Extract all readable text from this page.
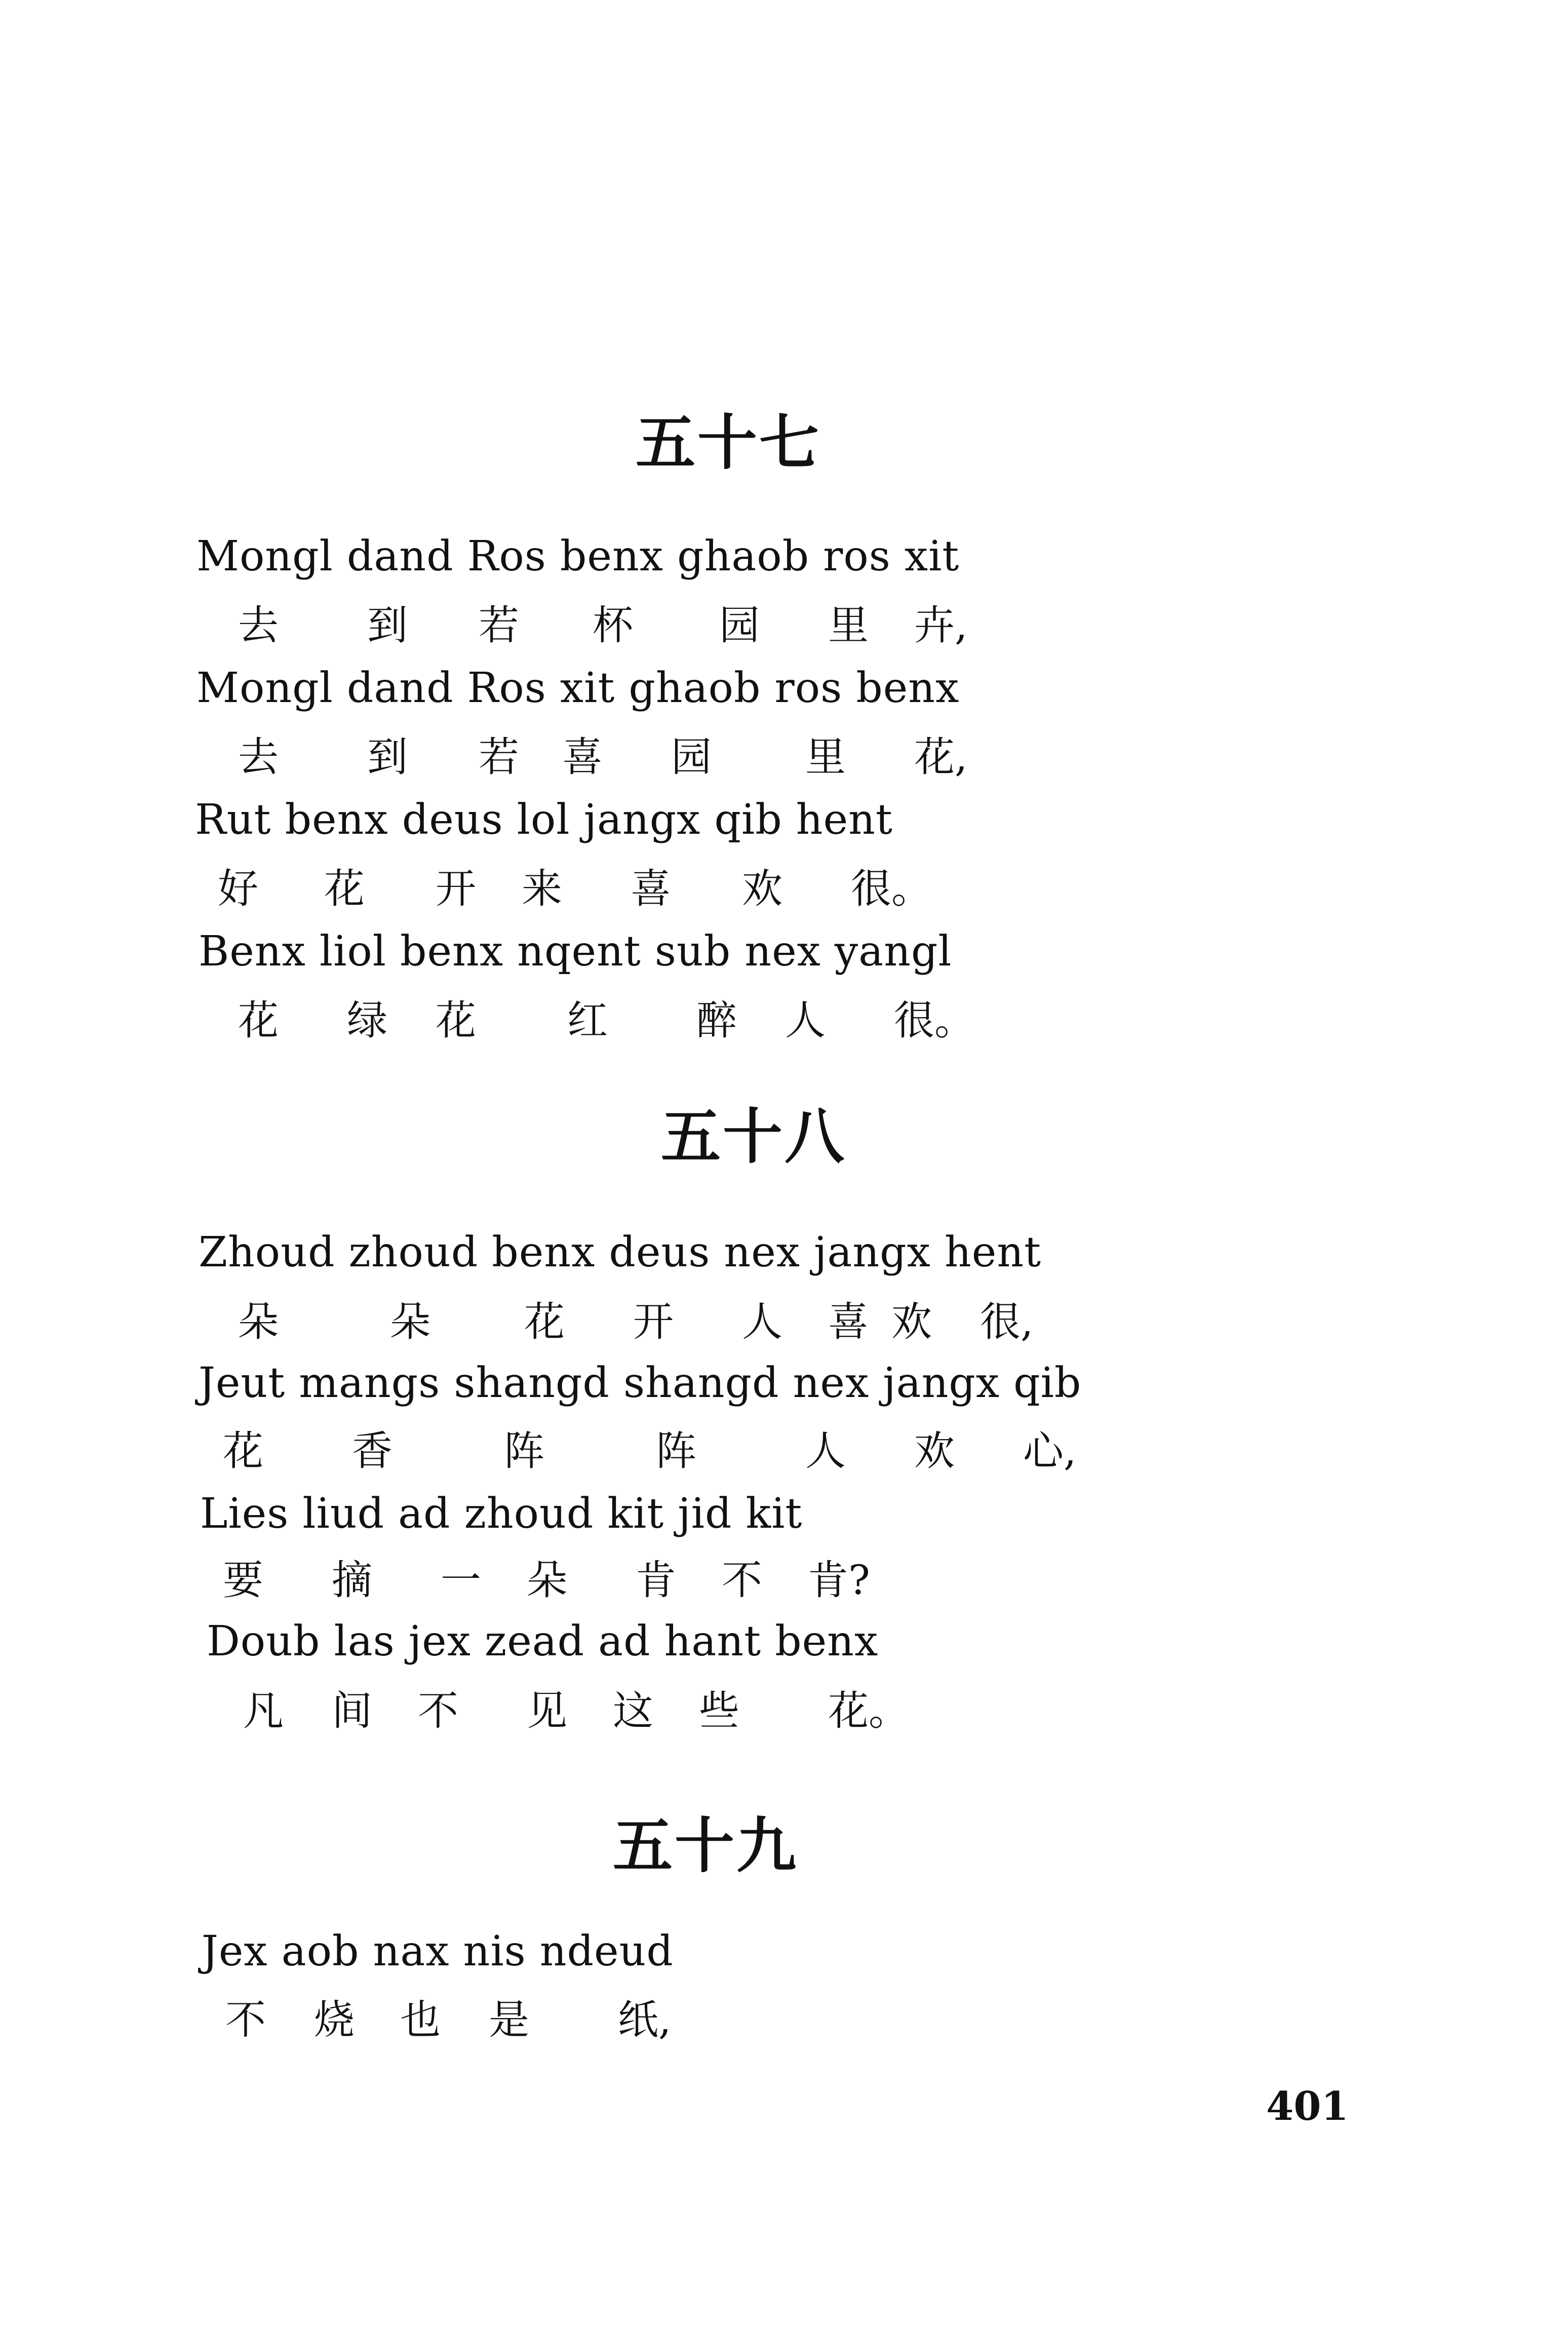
五十七
Mongl dand Ros benx ghaob ros xit
去 到 若 杯 园 里 卉,
Mongl dand Ros xit ghaob ros benx
去 到 若 喜 园 里 花,
Rut benx deus lol jangx qib hent
好 花 开 来 喜 欢 很。
Benx liol benx nqent sub nex yangl
花 绿 花 红 醉 人 很。
五十八
Zhoud zhoud benx deus nex jangx hent
朵	朵 花 开 人 喜 欢 很,
Jeut mangs shangd shangd nex jangx qib
花 香	阵	阵	人 欢 心,
Lies liud ad zhoud kit jid kit
要 摘 一 朵 肯 不 肯?
Doub las jex zead ad hant benx
凡 间 不 见 这 些 花。
五十九
Jex aob nax nis ndeud
不 烧 也 是 纸,
401
